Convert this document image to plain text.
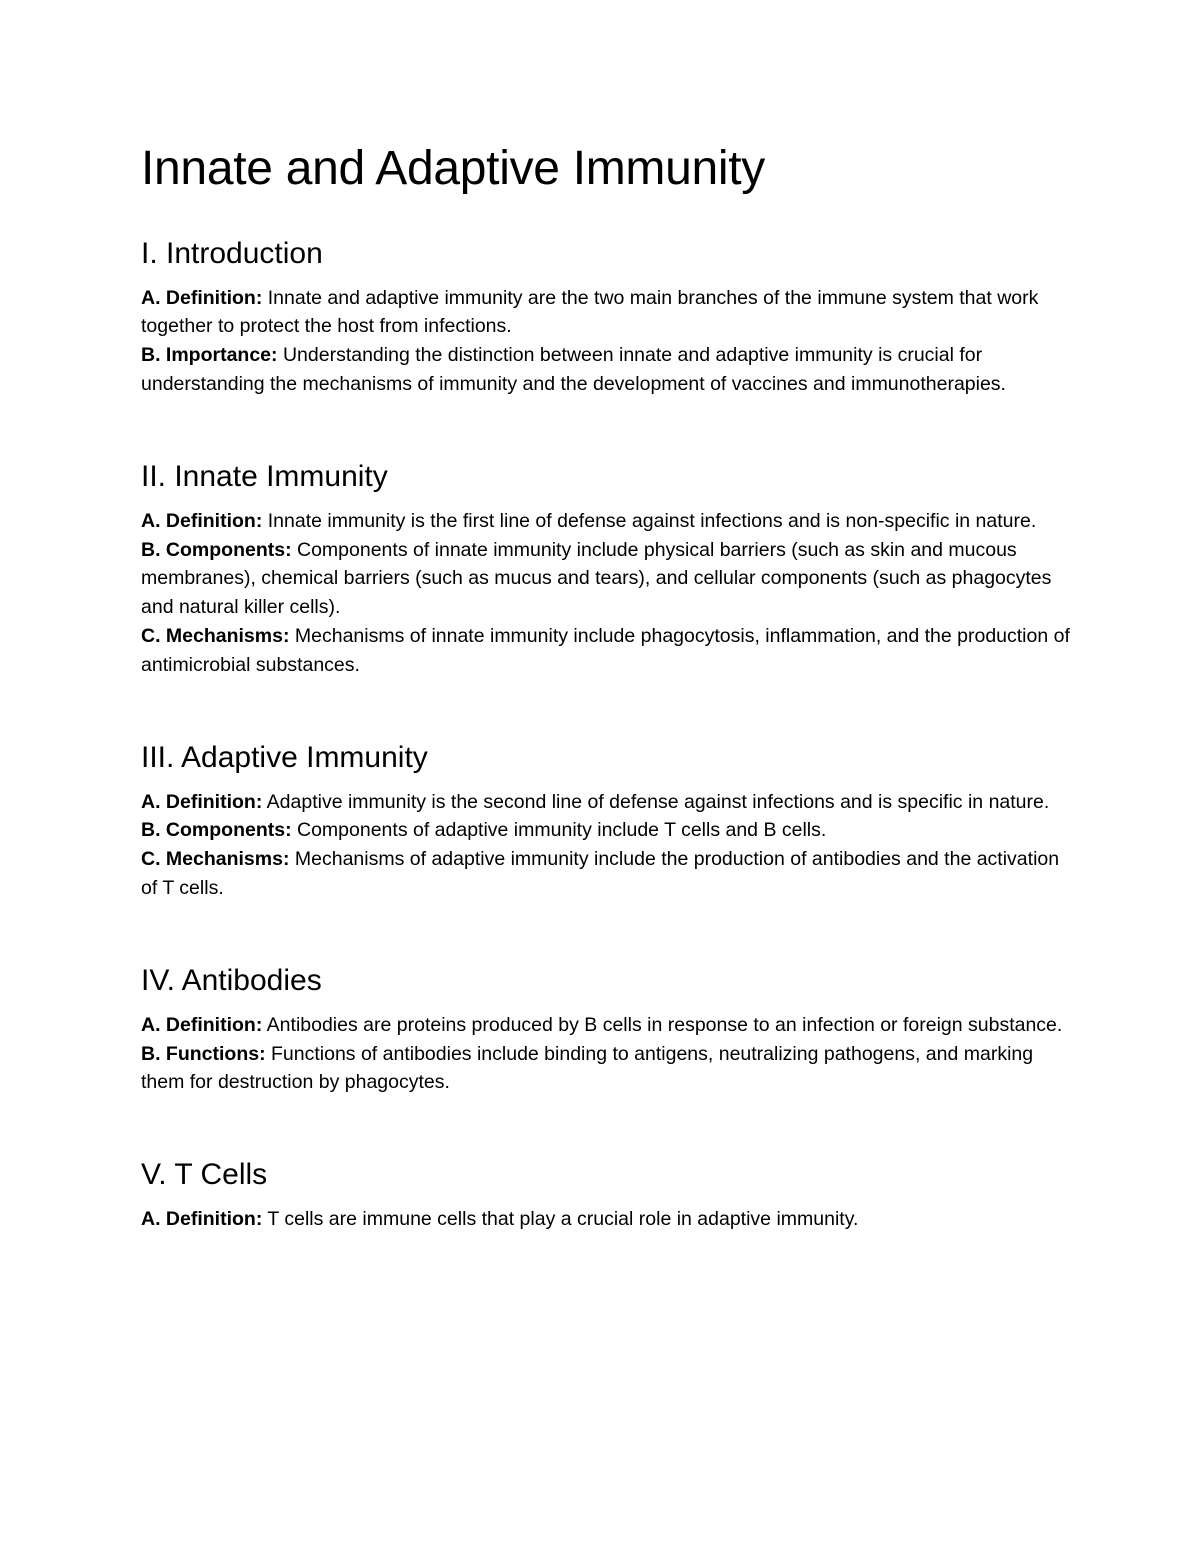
Innate and Adaptive Immunity
I. Introduction

A. Definition: Innate and adaptive immunity are the two main branches of the immune system that work together to protect the host from infections.

B. Importance: Understanding the distinction between innate and adaptive immunity is crucial for understanding the mechanisms of immunity and the development of vaccines and immunotherapies.

II. Innate Immunity

A. Definition: Innate immunity is the first line of defense against infections and is non-specific in nature.

B. Components: Components of innate immunity include physical barriers (such as skin and mucous membranes), chemical barriers (such as mucus and tears), and cellular components (such as phagocytes and natural killer cells).

C. Mechanisms: Mechanisms of innate immunity include phagocytosis, inflammation, and the production of antimicrobial substances.

III. Adaptive Immunity

A. Definition: Adaptive immunity is the second line of defense against infections and is specific in nature.

B. Components: Components of adaptive immunity include T cells and B cells.

C. Mechanisms: Mechanisms of adaptive immunity include the production of antibodies and the activation of T cells.

IV. Antibodies

A. Definition: Antibodies are proteins produced by B cells in response to an infection or foreign substance.

B. Functions: Functions of antibodies include binding to antigens, neutralizing pathogens, and marking them for destruction by phagocytes.

V. T Cells

A. Definition: T cells are immune cells that play a crucial role in adaptive immunity.
